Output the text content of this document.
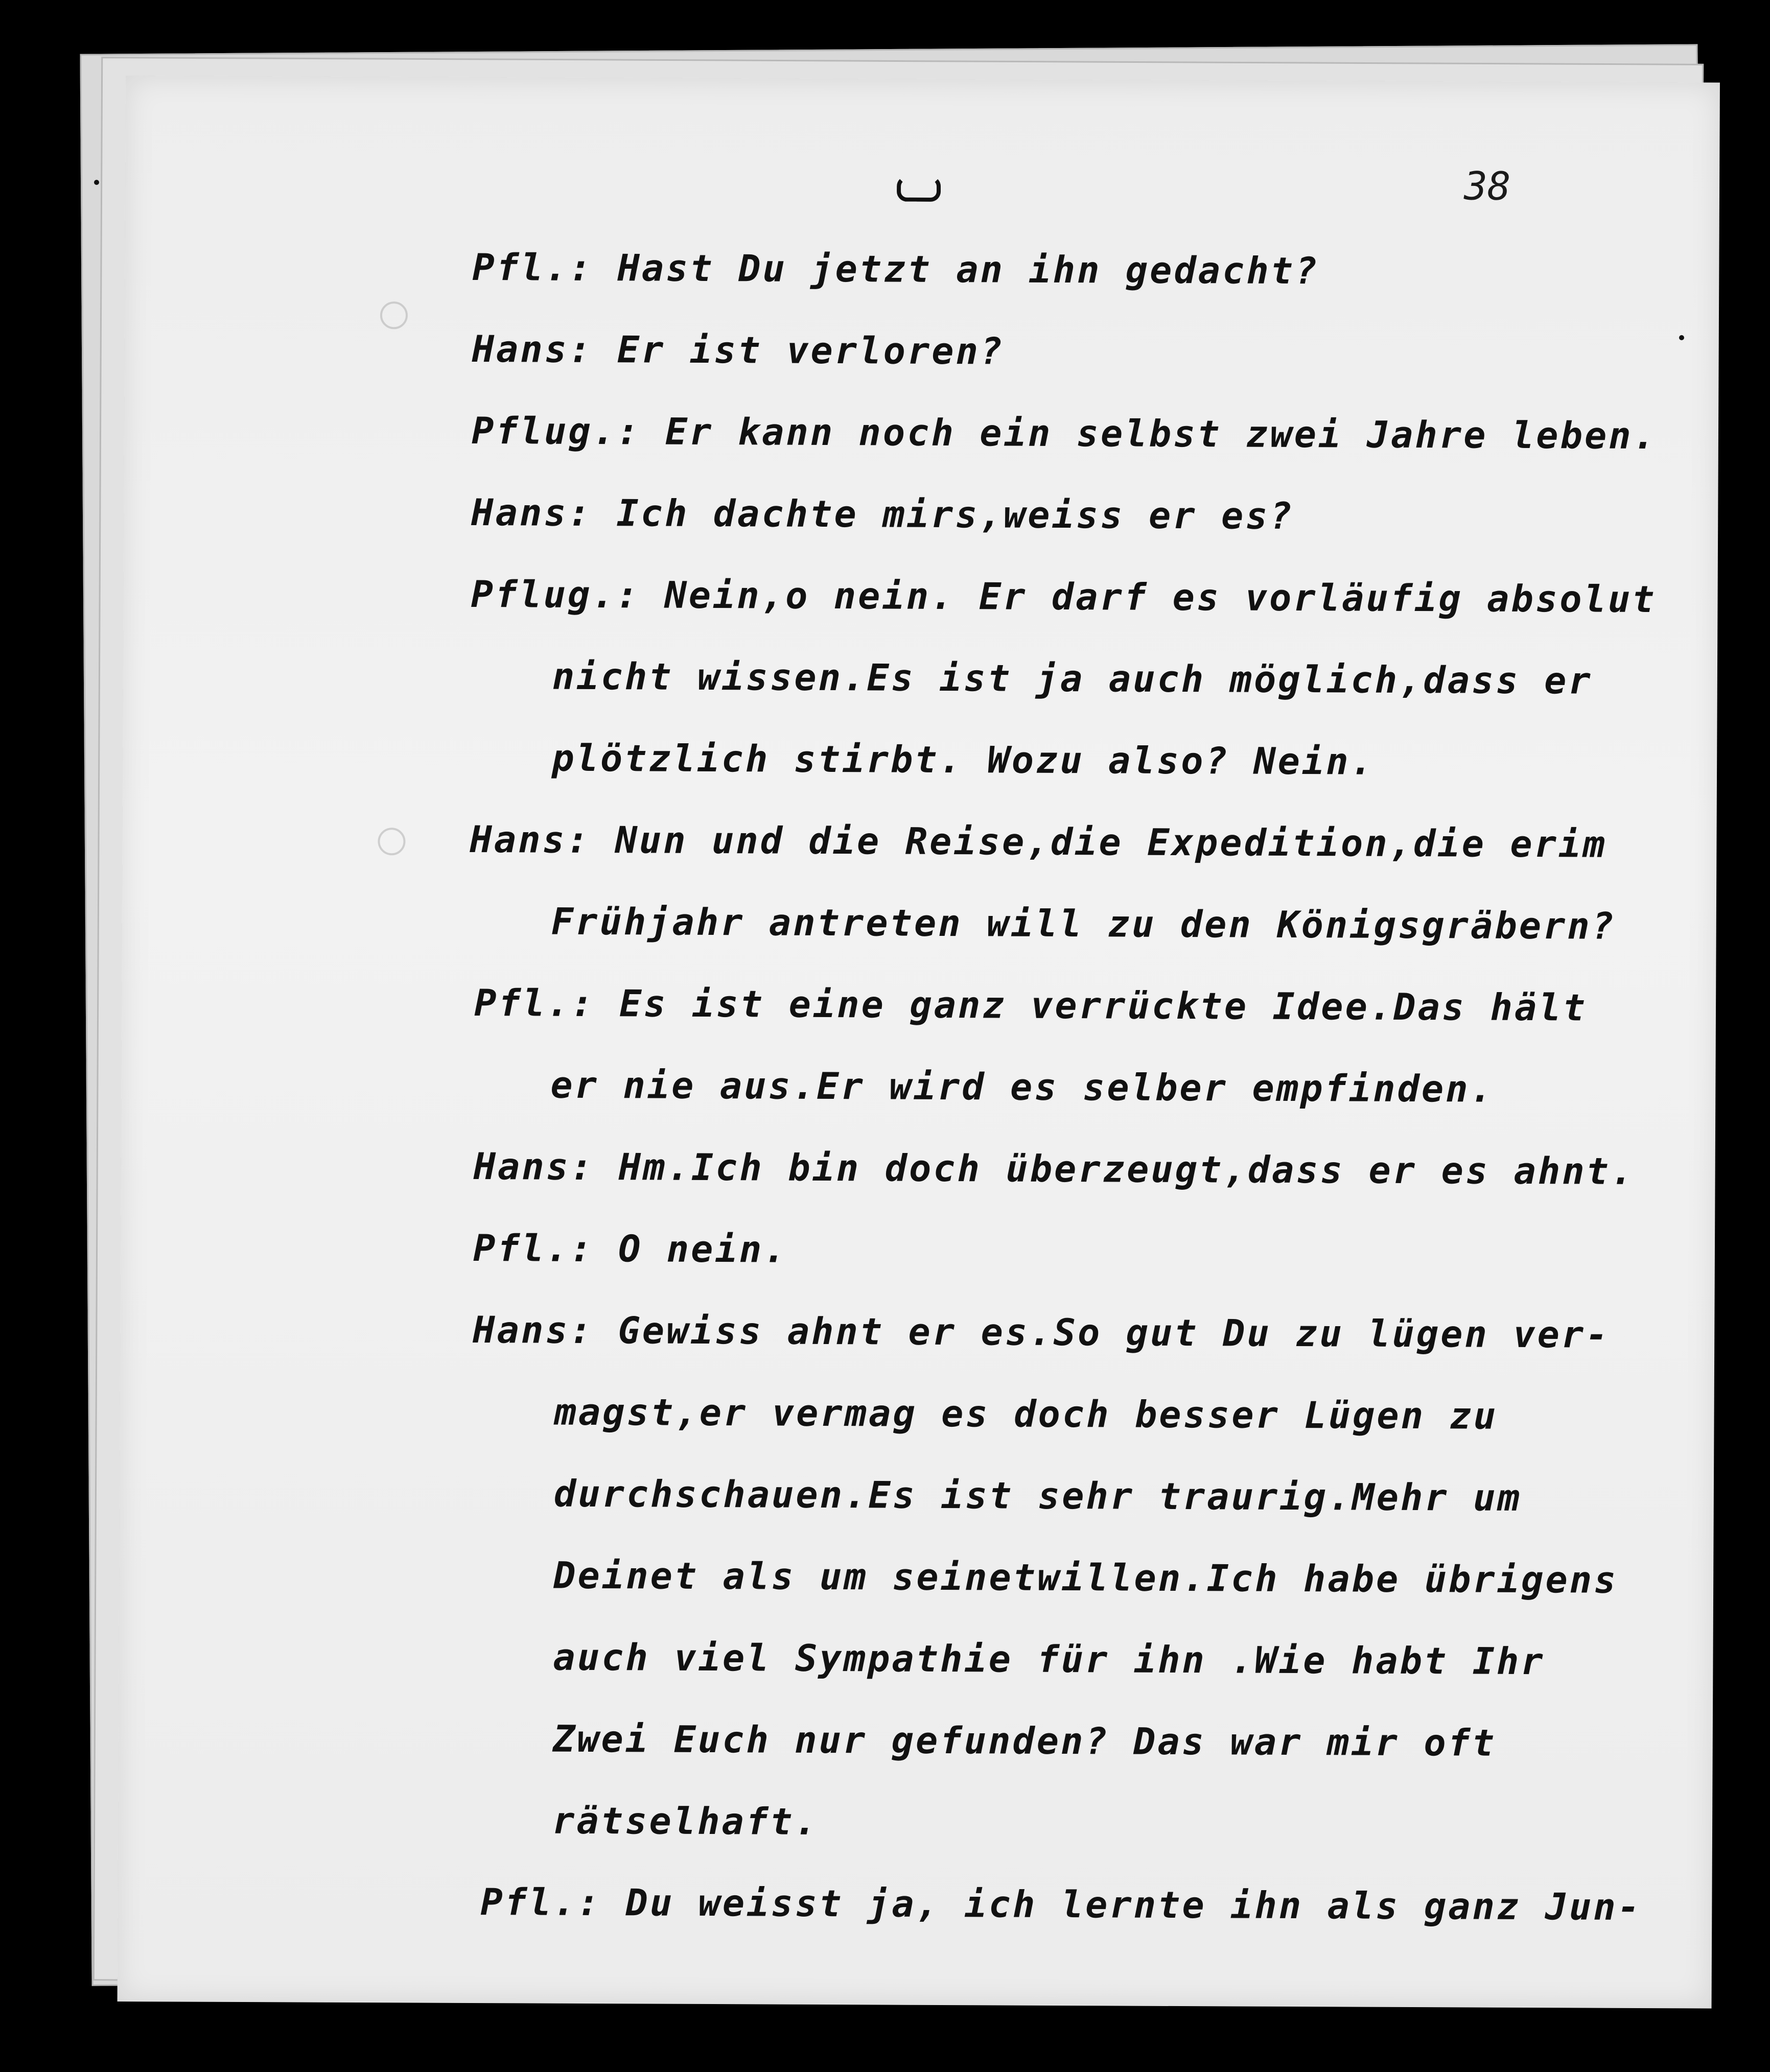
38
Pfl.: Hast Du jetzt an ihn gedacht?
Hans: Er ist verloren?
Pflug.: Er kann noch ein selbst zwei Jahre leben.
Hans: Ich dachte mirs,weiss er es?
Pflug.: Nein,o nein. Er darf es vorläufig absolut
nicht wissen.Es ist ja auch möglich,dass er
plötzlich stirbt. Wozu also? Nein.
Hans: Nun und die Reise,die Expedition,die erim
Frühjahr antreten will zu den Königsgräbern?
Pfl.: Es ist eine ganz verrückte Idee.Das hält
er nie aus.Er wird es selber empfinden.
Hans: Hm.Ich bin doch überzeugt,dass er es ahnt.
Pfl.: O nein.
Hans: Gewiss ahnt er es.So gut Du zu lügen ver-
magst,er vermag es doch besser Lügen zu
durchschauen.Es ist sehr traurig.Mehr um
Deinet als um seinetwillen.Ich habe übrigens
auch viel Sympathie für ihn .Wie habt Ihr
Zwei Euch nur gefunden? Das war mir oft
rätselhaft.
Pfl.: Du weisst ja, ich lernte ihn als ganz Jun-
